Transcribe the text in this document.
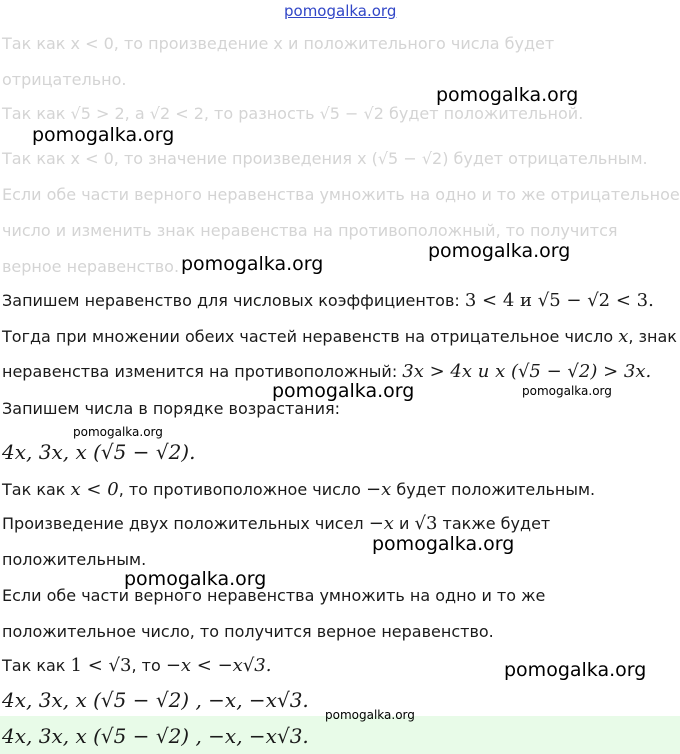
Так как x < 0, то произведение x и положительного числа будет
отрицательно.
Так как √5 > 2, а √2 < 2, то разность √5 − √2 будет положительной.
Так как x < 0, то значение произведения x (√5 − √2) будет отрицательным.
Если обе части верного неравенства умножить на одно и то же отрицательное
число и изменить знак неравенства на противоположный, то получится
верное неравенство.
Запишем неравенство для числовых коэффициентов: 3 < 4 и √5 − √2 < 3.
Тогда при множении обеих частей неравенств на отрицательное число x, знак
неравенства изменится на противоположный: 3x > 4x и x (√5 − √2) > 3x.
Запишем числа в порядке возрастания:
4x, 3x, x (√5 − √2).
Так как x < 0, то противоположное число −x будет положительным.
Произведение двух положительных чисел −x и √3 также будет
положительным.
Если обе части верного неравенства умножить на одно и то же
положительное число, то получится верное неравенство.
Так как 1 < √3, то −x < −x√3.
4x, 3x, x (√5 − √2) , −x, −x√3.
4x, 3x, x (√5 − √2) , −x, −x√3.
pomogalka.org
pomogalka.org
pomogalka.org
pomogalka.org
pomogalka.org
pomogalka.org	pomogalka.org
pomogalka.org
pomogalka.org
pomogalka.org
pomogalka.org
pomogalka.org
